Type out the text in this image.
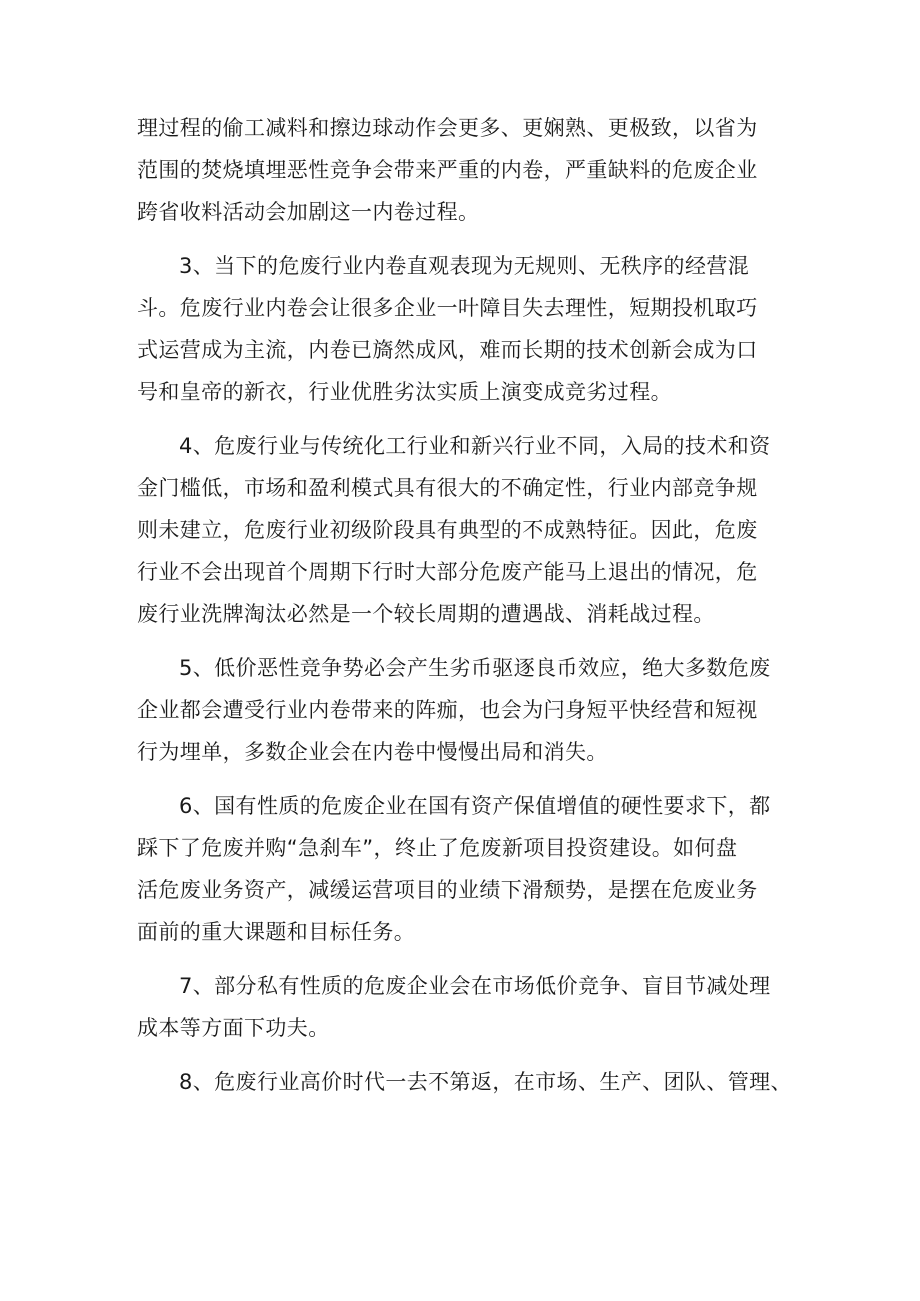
理过程的偷工减料和擦边球动作会更多、更娴熟、更极致，以省为
范围的焚烧填埋恶性竞争会带来严重的内卷，严重缺料的危废企业
跨省收料活动会加剧这一内卷过程。
3、当下的危废行业内卷直观表现为无规则、无秩序的经营混
斗。危废行业内卷会让很多企业一叶障目失去理性，短期投机取巧
式运营成为主流，内卷已旖然成风，难而长期的技术创新会成为口
号和皇帝的新衣，行业优胜劣汰实质上演变成竞劣过程。
4、危废行业与传统化工行业和新兴行业不同，入局的技术和资
金门槛低，市场和盈利模式具有很大的不确定性，行业内部竞争规
则未建立，危废行业初级阶段具有典型的不成熟特征。因此，危废
行业不会出现首个周期下行时大部分危废产能马上退出的情况，危
废行业洗牌淘汰必然是一个较长周期的遭遇战、消耗战过程。
5、低价恶性竞争势必会产生劣币驱逐良币效应，绝大多数危废
企业都会遭受行业内卷带来的阵痂，也会为闩身短平快经营和短视
行为埋单，多数企业会在内卷中慢慢出局和消失。
6、国有性质的危废企业在国有资产保值增值的硬性要求下，都
踩下了危废并购“急刹车”，终止了危废新项目投资建设。如何盘
活危废业务资产，减缓运营项目的业绩下滑颓势，是摆在危废业务
面前的重大课题和目标任务。
7、部分私有性质的危废企业会在市场低价竞争、盲目节减处理
成本等方面下功夫。
8、危废行业高价时代一去不第返，在市场、生产、团队、管理、
